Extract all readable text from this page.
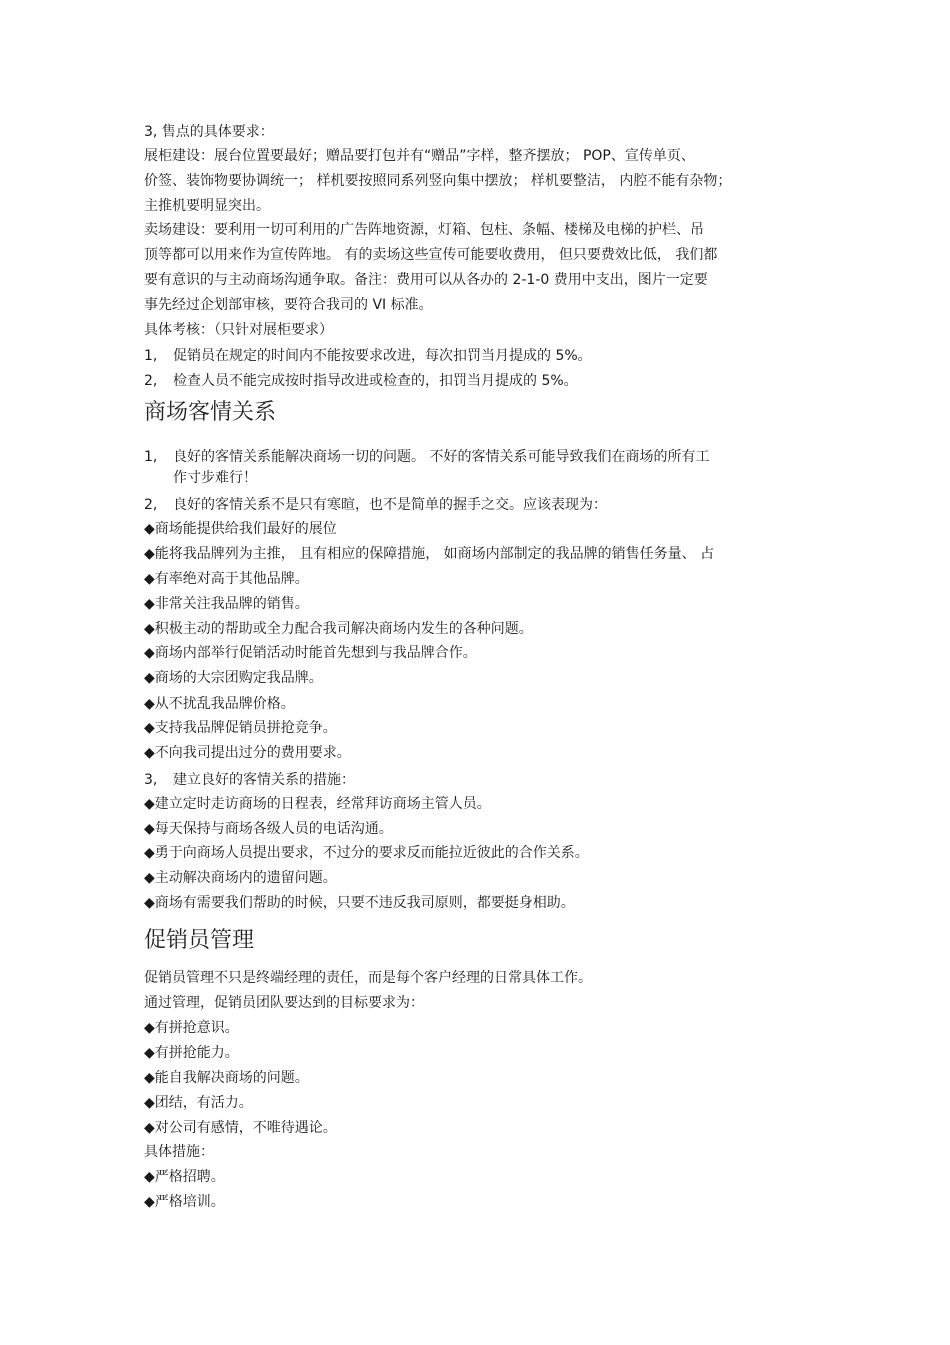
3, 售点的具体要求：
展柜建设：展台位置要最好；赠品要打包并有“赠品”字样，整齐摆放； POP、宣传单页、
价签、装饰物要协调统一； 样机要按照同系列竖向集中摆放； 样机要整洁， 内腔不能有杂物；
主推机要明显突出。
卖场建设：要利用一切可利用的广告阵地资源，灯箱、包柱、条幅、楼梯及电梯的护栏、吊
顶等都可以用来作为宣传阵地。 有的卖场这些宣传可能要收费用， 但只要费效比低， 我们都
要有意识的与主动商场沟通争取。备注：费用可以从各办的 2-1-0 费用中支出，图片一定要
事先经过企划部审核，要符合我司的 VI 标准。
具体考核：（只针对展柜要求）
1, 促销员在规定的时间内不能按要求改进，每次扣罚当月提成的 5%。
2, 检查人员不能完成按时指导改进或检查的，扣罚当月提成的 5%。
商场客情关系
1, 良好的客情关系能解决商场一切的问题。 不好的客情关系可能导致我们在商场的所有工
作寸步难行！
2, 良好的客情关系不是只有寒暄，也不是简单的握手之交。应该表现为：
◆商场能提供给我们最好的展位
◆能将我品牌列为主推， 且有相应的保障措施， 如商场内部制定的我品牌的销售任务量、 占
◆有率绝对高于其他品牌。
◆非常关注我品牌的销售。
◆积极主动的帮助或全力配合我司解决商场内发生的各种问题。
◆商场内部举行促销活动时能首先想到与我品牌合作。
◆商场的大宗团购定我品牌。
◆从不扰乱我品牌价格。
◆支持我品牌促销员拼抢竞争。
◆不向我司提出过分的费用要求。
3, 建立良好的客情关系的措施：
◆建立定时走访商场的日程表，经常拜访商场主管人员。
◆每天保持与商场各级人员的电话沟通。
◆勇于向商场人员提出要求，不过分的要求反而能拉近彼此的合作关系。
◆主动解决商场内的遗留问题。
◆商场有需要我们帮助的时候，只要不违反我司原则，都要挺身相助。
促销员管理
促销员管理不只是终端经理的责任，而是每个客户经理的日常具体工作。
通过管理，促销员团队要达到的目标要求为：
◆有拼抢意识。
◆有拼抢能力。
◆能自我解决商场的问题。
◆团结，有活力。
◆对公司有感情，不唯待遇论。
具体措施：
◆严格招聘。
◆严格培训。
